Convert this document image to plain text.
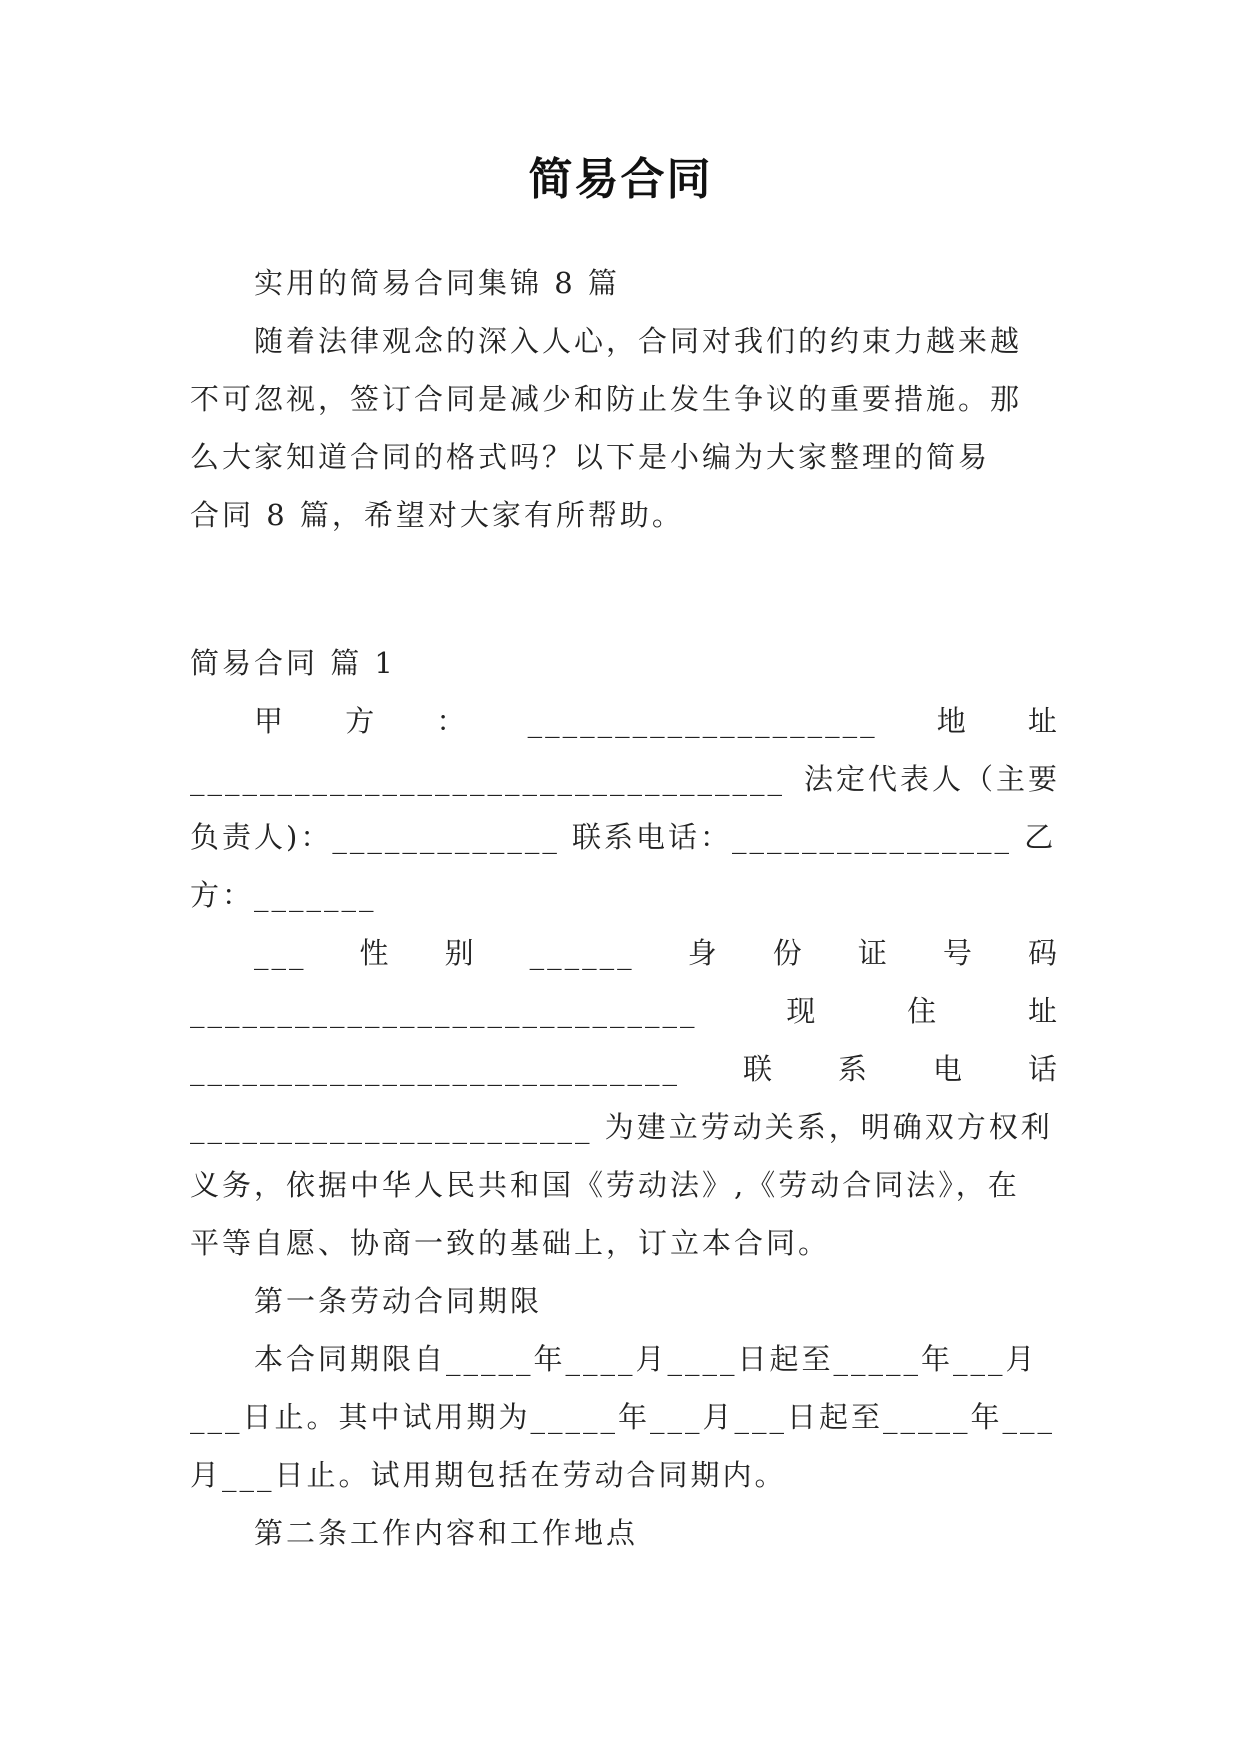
简易合同
实用的简易合同集锦 8 篇
随着法律观念的深入人心，合同对我们的约束力越来越
不可忽视，签订合同是减少和防止发生争议的重要措施。那
么大家知道合同的格式吗？以下是小编为大家整理的简易
合同 8 篇，希望对大家有所帮助。
简易合同 篇 1
甲 方 ： ____________________ 地 址
__________________________________ 法定代表人（主要
负责人)：_____________ 联系电话：________________ 乙
方：_______
___ 性 别 ______ 身 份 证 号 码
_____________________________	现	住	址
____________________________ 联 系 电 话
_______________________ 为建立劳动关系，明确双方权利
义务，依据中华人民共和国《劳动法》,《劳动合同法》，在
平等自愿、协商一致的基础上，订立本合同。
第一条劳动合同期限
本合同期限自_____年____月____日起至_____年___月
___日止。其中试用期为_____年___月___日起至_____年___
月___日止。试用期包括在劳动合同期内。
第二条工作内容和工作地点
